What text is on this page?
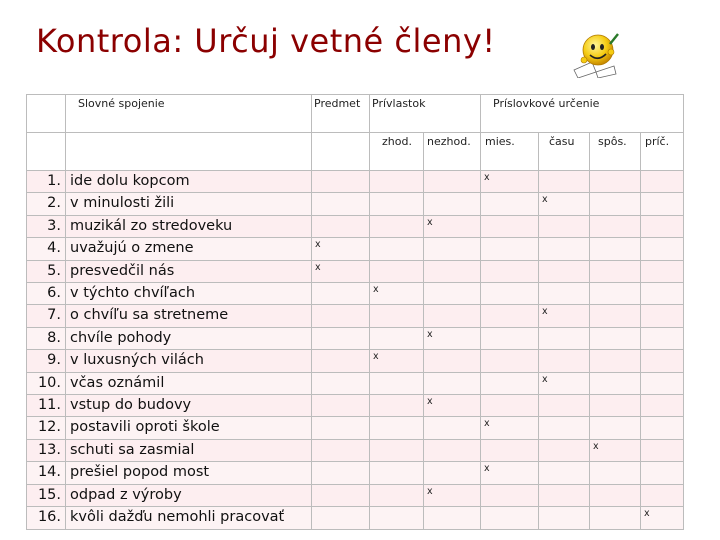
Kontrola: Určuj vetné členy!
	Slovné spojenie	Predmet	Prívlastok		Príslovkové určenie			
			zhod.	nezhod.	mies.	času	spôs.	príč.
1.	ide dolu kopcom				x			
2.	v minulosti žili					x		
3.	muzikál zo stredoveku			x				
4.	uvažujú o zmene	x						
5.	presvedčil nás	x						
6.	v týchto chvíľach		x					
7.	o chvíľu sa stretneme					x		
8.	chvíle pohody			x				
9.	v luxusných vilách		x					
10.	včas oznámil					x		
11.	vstup do budovy			x				
12.	postavili oproti škole				x			
13.	schuti sa zasmial						x	
14.	prešiel popod most				x			
15.	odpad z výroby			x				
16.	kvôli dažďu nemohli pracovať							x
